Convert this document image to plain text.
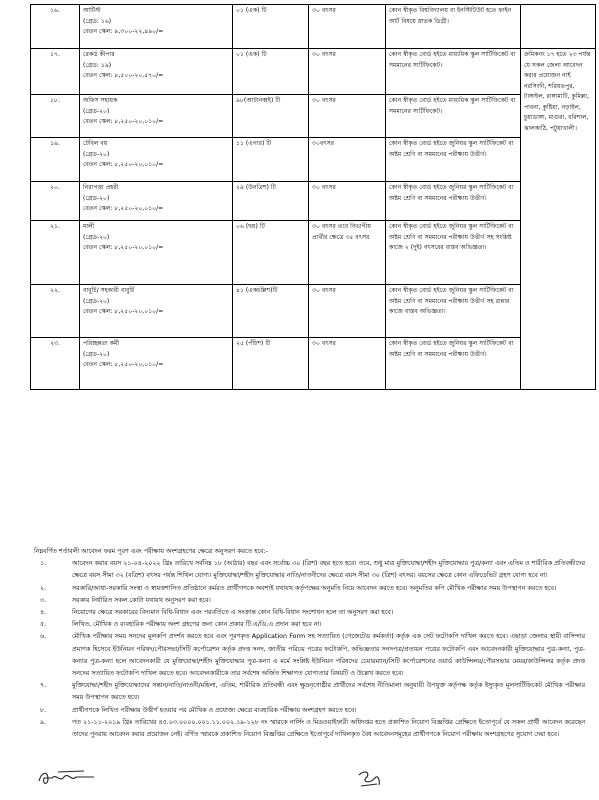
১৬.	আর্টিস্ট
(গ্রেড: ১৬)
বেতন স্কেল: ৯,৩০০-২২,৪৯০/=	০১ (এক) টি	৩০ বৎসর	কোন স্বীকৃত বিশ্ববিদ্যালয় বা ইনস্টিটিউট হতে ফাইন আর্ট বিষয়ে স্নাতক ডিগ্রী।	
১৭.	রেকর্ড কীপার
(গ্রেড: ১৯)
বেতন স্কেল: ৮,৫০০-২০,৫৭০/=	০১ (এক) টি	৩০ বৎসর	কোন স্বীকৃত বোর্ড হইতে মাধ্যমিক স্কুল সার্টিফিকেট বা সমমানের সার্টিফিকেট।	ক্রমিকনং ১৭ হতে ২৩ পর্যন্ত যে সকল জেলা আবেদন করার প্রয়োজন নাই নরসিংদী, শরিয়তপুর, টাঙ্গাইল, রাঙ্গামাটি, কুমিল্লা, পাবনা, কুষ্টিয়া, নড়াইল, চুয়াডাঙ্গা, মাগুরা, বরিশাল, ঝালকাঠি, পটুয়াখালী।
১৮.	অফিস সহায়ক
(গ্রেড-২০)
বেতন স্কেল: ৮,২৫০-২০,০১০/=	৯৮(আটানব্বই) টি	৩০ বৎসর	কোন স্বীকৃত বোর্ড হইতে মাধ্যমিক স্কুল সার্টিফিকেট বা সমমানের সার্টিফিকেট।	
১৯.	টেবিল বয়
(গ্রেড-২০)
বেতন স্কেল: ৮,২৫০-২০,০১০/=	১১ (এগার) টি	৩০বৎসর	কোন স্বীকৃত বোর্ড হইতে জুনিয়র স্কুল সার্টিফিকেট বা অষ্টম শ্রেণি বা সমমানের পরীক্ষায় উত্তীর্ণ।	
২০.	নিরাপত্তা প্রহরী
(গ্রেড-২০)
বেতন স্কেল: ৮,২৫০-২০,০১০/=	২৯ (উনত্রিশ) টি	৩০ বৎসর	কোন স্বীকৃত বোর্ড হইতে জুনিয়র স্কুল সার্টিফিকেট বা অষ্টম শ্রেণি বা সমমানের পরীক্ষায় উত্তীর্ণ।	
২১.	মালী
(গ্রেড-২০)
বেতন স্কেল: ৮,২৫০-২০,০১০/=	০৬ (ছয়) টি	৩০ বৎসর তবে বিভাগীয় প্রার্থীর ক্ষেত্রে ৩৫ বৎসর	কোন স্বীকৃত বোর্ড হইতে জুনিয়র স্কুল সার্টিফিকেট বা অষ্টম শ্রেণি বা সমমানের পরীক্ষায় উত্তীর্ণ সহ সংশ্লিষ্ট কাজে ২ (দুই) বৎসরের বাস্তব অভিজ্ঞতা।	
২২.	বাবুর্চি/ সহকারী বাবুর্চি
(গ্রেড-২০)
বেতন স্কেল: ৮,২৫০-২০,০১০/=	৪১ (একচল্লিশ)টি	৩০ বৎসর	কোন স্বীকৃত বোর্ড হইতে জুনিয়র স্কুল সার্টিফিকেট বা অষ্টম শ্রেণি বা সমমানের পরীক্ষায় উত্তীর্ণ সহ রান্নার কাজে বাস্তব অভিজ্ঞতা।	
২৩.	পরিচ্ছন্নতা কর্মী
(গ্রেড-২০)
বেতন স্কেল: ৮,২৫০-২০,০১০/=	২৫ (পঁচিশ) টি	৩০ বৎসর	কোন স্বীকৃত বোর্ড হইতে জুনিয়র স্কুল সার্টিফিকেট বা অষ্টম শ্রেণি বা সমমানের পরীক্ষায় উত্তীর্ণ।	
নিম্নবর্ণিত শর্তাবলী আবেদন ফরম পূরণ এবং পরীক্ষায় অংশগ্রহণের ক্ষেত্রে অনুসরণ করতে হবে:-
১.	আবেদন করার বয়স ২১-০৪-২০২২ খ্রিঃ তারিখে সর্বনিম্ন ১৮ (আঠার) বছর এবং সর্বোচ্চ ৩০ (ত্রিশ) বছর হতে হবে। তবে, শুধু মাত্র মুক্তিযোদ্ধা/শহীদ মুক্তিযোদ্ধার পুত্র/কন্যা এবং এতিম ও শারীরিক প্রতিবন্ধীদের ক্ষেত্রে বয়স সীমা ৩২ (বত্রিশ) বৎসর পর্যন্ত শিথিল যোগ্য। মুক্তিযোদ্ধা/শহীদ মুক্তিযোদ্ধার নাতি/নাতনীদের ক্ষেত্রে বয়স সীমা ৩০ (ত্রিশ) বৎসর। বয়সের ক্ষেত্রে কোন এফিডেভিট গ্রহণ যোগ্য হবে না।
২.	সরকারি/আধা-সরকারি সংস্থা ও স্বায়ত্তশাসিত প্রতিষ্ঠানে কর্মরত প্রার্থীগণকে অবশ্যই যথাযথ কর্তৃপক্ষের অনুমতি নিয়ে আবেদন করতে হবে। অনুমতির কপি মৌখিক পরীক্ষার সময় উপস্থাপন করতে হবে।
৩.	সরকার নির্ধারিত সকল কোটা যথাযথ অনুসরণ করা হবে।
৪.	নিয়োগের ক্ষেত্রে সরকারের বিদ্যমান বিধি-বিধান এবং পরবর্তিতে এ সংক্রান্ত কোন বিধি-বিধান সংশোধন হলে তা অনুসরণ করা হবে।
৫.	লিখিত, মৌখিক ও ব্যবহারিক পরীক্ষায় অংশ গ্রহণের জন্য কোন প্রকার টি.এ/ডি.এ প্রদান করা হবে না।
৬.	মৌখিক পরীক্ষার সময় সনদের মূলকপি প্রদর্শন করতে হবে এবং পূরণকৃত Application Form সহ সত্যায়িত (গেজেটেড কর্মকর্তা) কর্তৃক এক সেট ফটোকপি দাখিল করতে হবে। এছাড়া জেলার স্থায়ী বাসিন্দার প্রমাণক হিসেবে ইউনিয়ন পরিষদ/পৌরসভা/সিটি কর্পোরেশন কর্তৃক প্রদত্ত সনদ, জাতীয় পরিচয় পত্রের ফটোকপি, অভিজ্ঞতার সনদপত্র/প্রত্যয়ন পত্রের ফটোকপি এবং আবেদনকারী মুক্তিযোদ্ধার পুত্র-কন্যা, পুত্র-কন্যার পুত্র-কন্যা হলে আবেদনকারী যে মুক্তিযোদ্ধা/শহীদ মুক্তিযোদ্ধার পুত্র-কন্যা এ মর্মে সংশ্লিষ্ট ইউনিয়ন পরিষদের চেয়ারম্যান/সিটি কর্পোরেশনের ওয়ার্ড কাউন্সিলর/পৌরসভার মেয়র/কাউন্সিলর কর্তৃক প্রদত্ত সনদের সত্যায়িত ফটোকপি দাখিল করতে হবে। আবেদনকারীকে তার সর্বশেষ অর্জিত শিক্ষাগত যোগ্যতার বিষয়টি ও উল্লেখ করতে হবে।
৭.	মুক্তিযোদ্ধা/শহীদ মুক্তিযোদ্ধাদের সন্তান/নাতি/নাতনী/মহিলা, এতিম, শারীরিক প্রতিবন্ধী এবং ক্ষুদ্রনৃগোষ্ঠীর প্রার্থীদের সর্বশেষ নীতিমালা অনুযায়ী উপযুক্ত কর্তৃপক্ষ কর্তৃক ইস্যুকৃত মূলসার্টিফিকেট মৌখিক পরীক্ষার সময় উপস্থাপন করতে হবে।
৮.	প্রার্থীগণকে লিখিত পরীক্ষায় উত্তীর্ণ হওয়ার পর মৌখিক ও প্রযোজ্য ক্ষেত্রে ব্যবহারিক পরীক্ষায় অংশগ্রহণ করতে হবে।
৯.	গত ২১-১১-২০১৯ খ্রিঃ তারিখের ৪৫.০৩.০০০০.০০১.১১.০০২.১৯-১২৮ নং স্মারকে নার্সিং ও মিডওয়াইফারী অধিদপ্তর হতে প্রকাশিত নিয়োগ বিজ্ঞপ্তির প্রেক্ষিতে ইতোপূর্বে যে সকল প্রার্থী আবেদন করেছেন তাদের পুনরায় আবেদন করার প্রয়োজন নেই। বর্ণিত স্মারকে প্রকাশিত নিয়োগ বিজ্ঞপ্তির প্রেক্ষিতে ইতোপূর্বে দাখিলকৃত বৈধ আবেদনসমূহের প্রার্থীগণকে নিয়োগ পরীক্ষায় অংশগ্রহণের সুযোগ দেয়া হবে।
